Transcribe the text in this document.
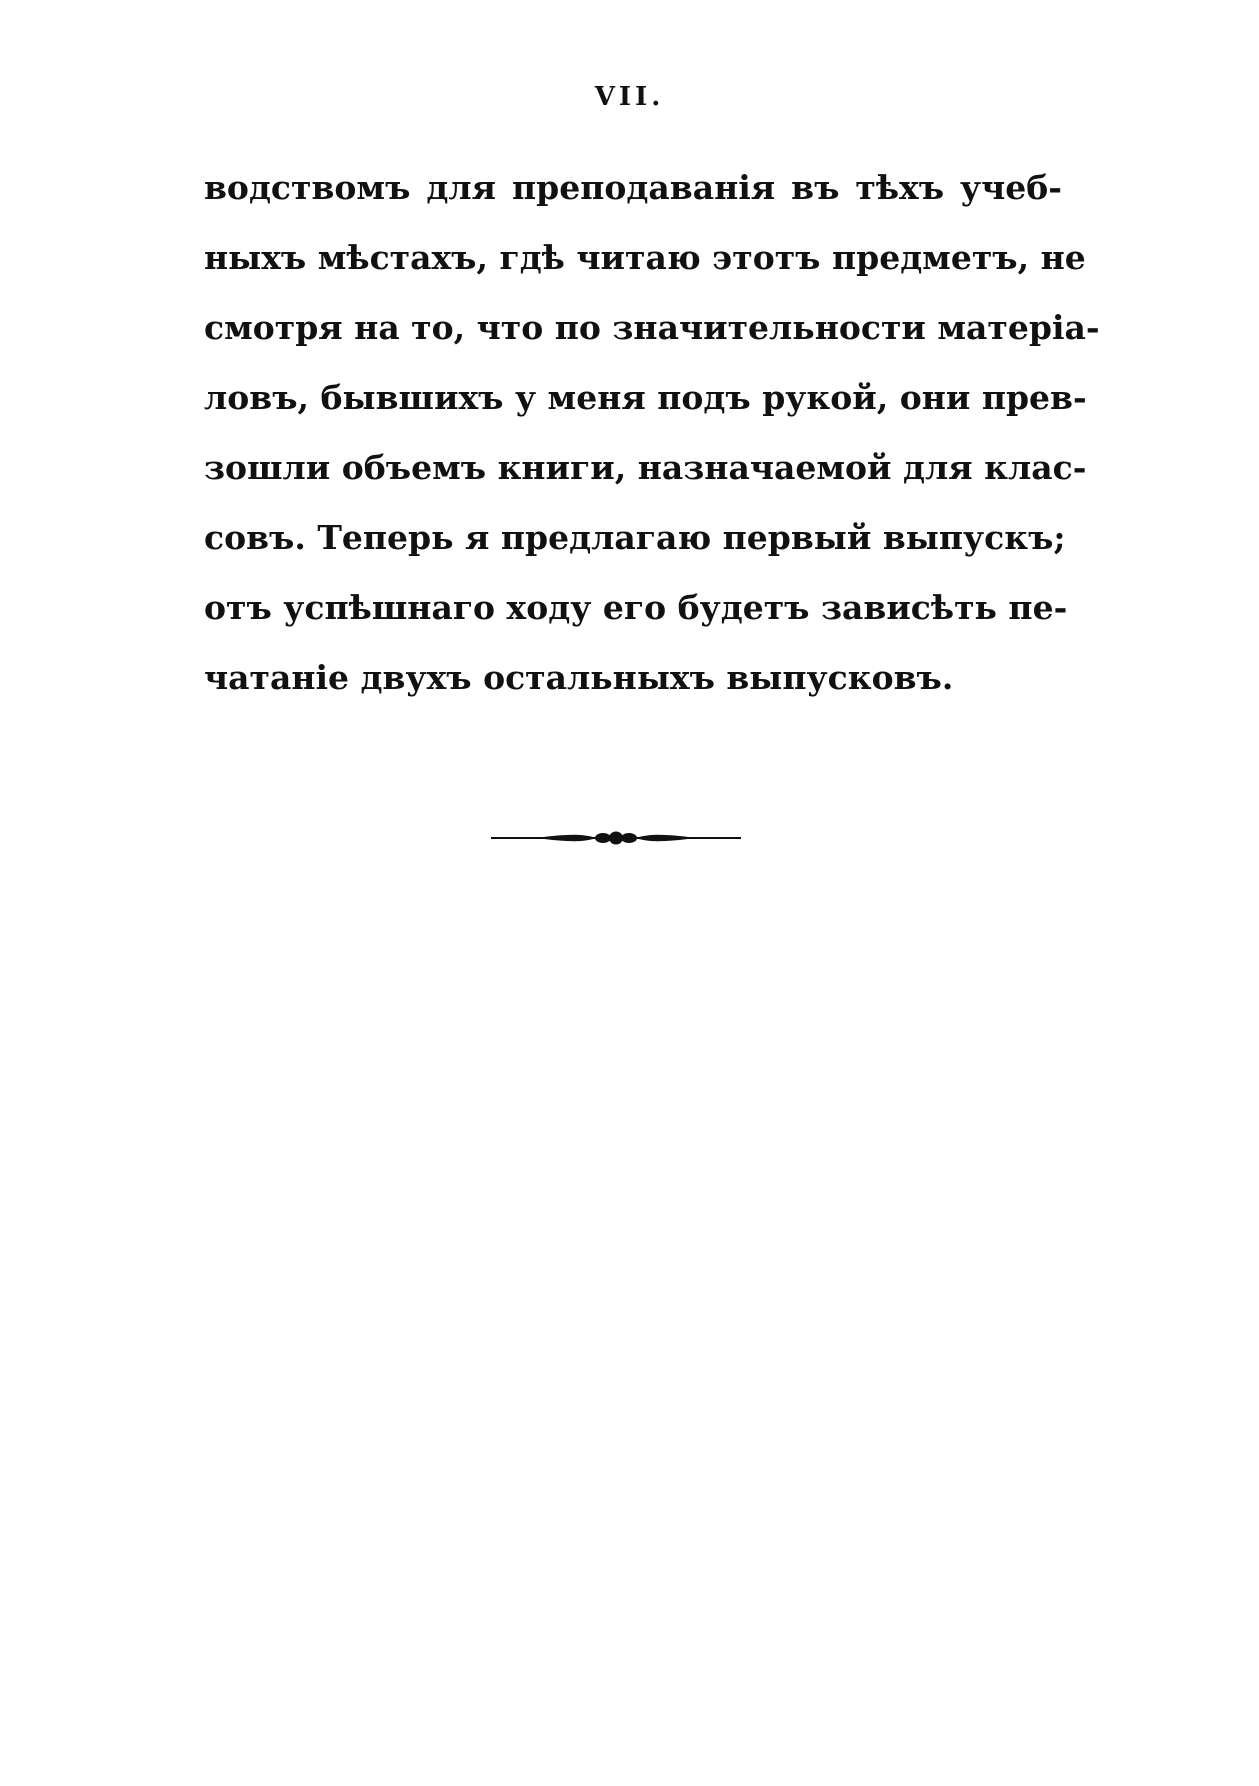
VII.
водствомъ для преподаванія въ тѣхъ учеб-
ныхъ мѣстахъ, гдѣ читаю этотъ предметъ, не
смотря на то, что по значительности матеріа-
ловъ, бывшихъ у меня подъ рукой, они прев-
зошли объемъ книги, назначаемой для клас-
совъ. Теперь я предлагаю первый выпускъ;
отъ успѣшнаго ходу его будетъ зависѣть пе-
чатаніе двухъ остальныхъ выпусковъ.
